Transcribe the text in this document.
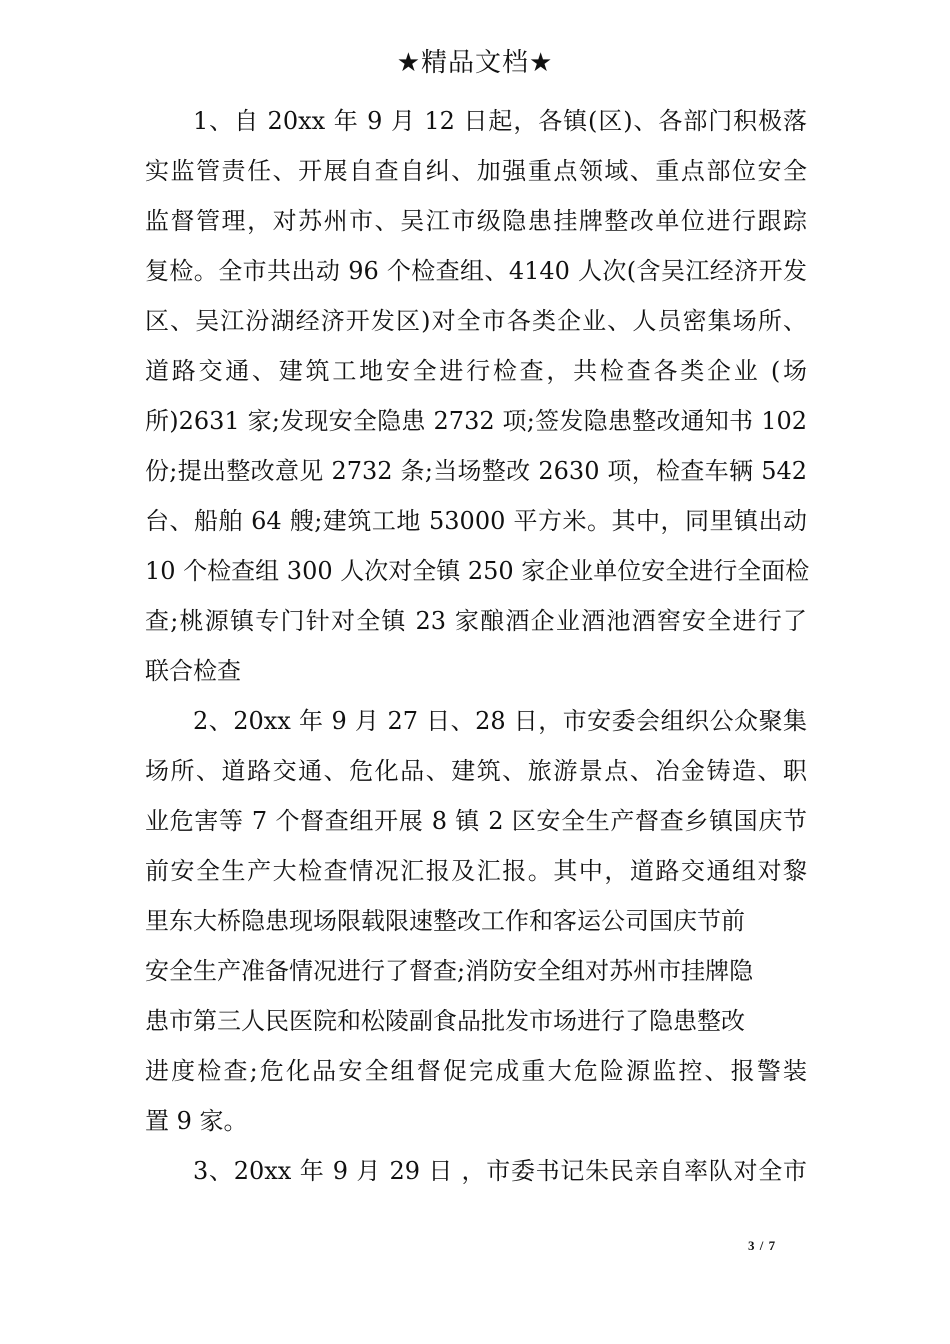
★精品文档★
1、自 20xx 年 9 月 12 日起，各镇(区)、各部门积极落
实监管责任、开展自查自纠、加强重点领域、重点部位安全
监督管理，对苏州市、吴江市级隐患挂牌整改单位进行跟踪
复检。全市共出动 96 个检查组、4140 人次(含吴江经济开发
区、吴江汾湖经济开发区)对全市各类企业、人员密集场所、
道路交通、建筑工地安全进行检查，共检查各类企业 (场
所)2631 家;发现安全隐患 2732 项;签发隐患整改通知书 102
份;提出整改意见 2732 条;当场整改 2630 项，检查车辆 542
台、船舶 64 艘;建筑工地 53000 平方米。其中，同里镇出动
10 个检查组 300 人次对全镇 250 家企业单位安全进行全面检
查;桃源镇专门针对全镇 23 家酿酒企业酒池酒窖安全进行了
联合检查
2、20xx 年 9 月 27 日、28 日，市安委会组织公众聚集
场所、道路交通、危化品、建筑、旅游景点、冶金铸造、职
业危害等 7 个督查组开展 8 镇 2 区安全生产督查乡镇国庆节
前安全生产大检查情况汇报及汇报。其中，道路交通组对黎
里东大桥隐患现场限载限速整改工作和客运公司国庆节前
安全生产准备情况进行了督查;消防安全组对苏州市挂牌隐
患市第三人民医院和松陵副食品批发市场进行了隐患整改
进度检查;危化品安全组督促完成重大危险源监控、报警装
置 9 家。
3、20xx 年 9 月 29 日 ，市委书记朱民亲自率队对全市
3 / 7
